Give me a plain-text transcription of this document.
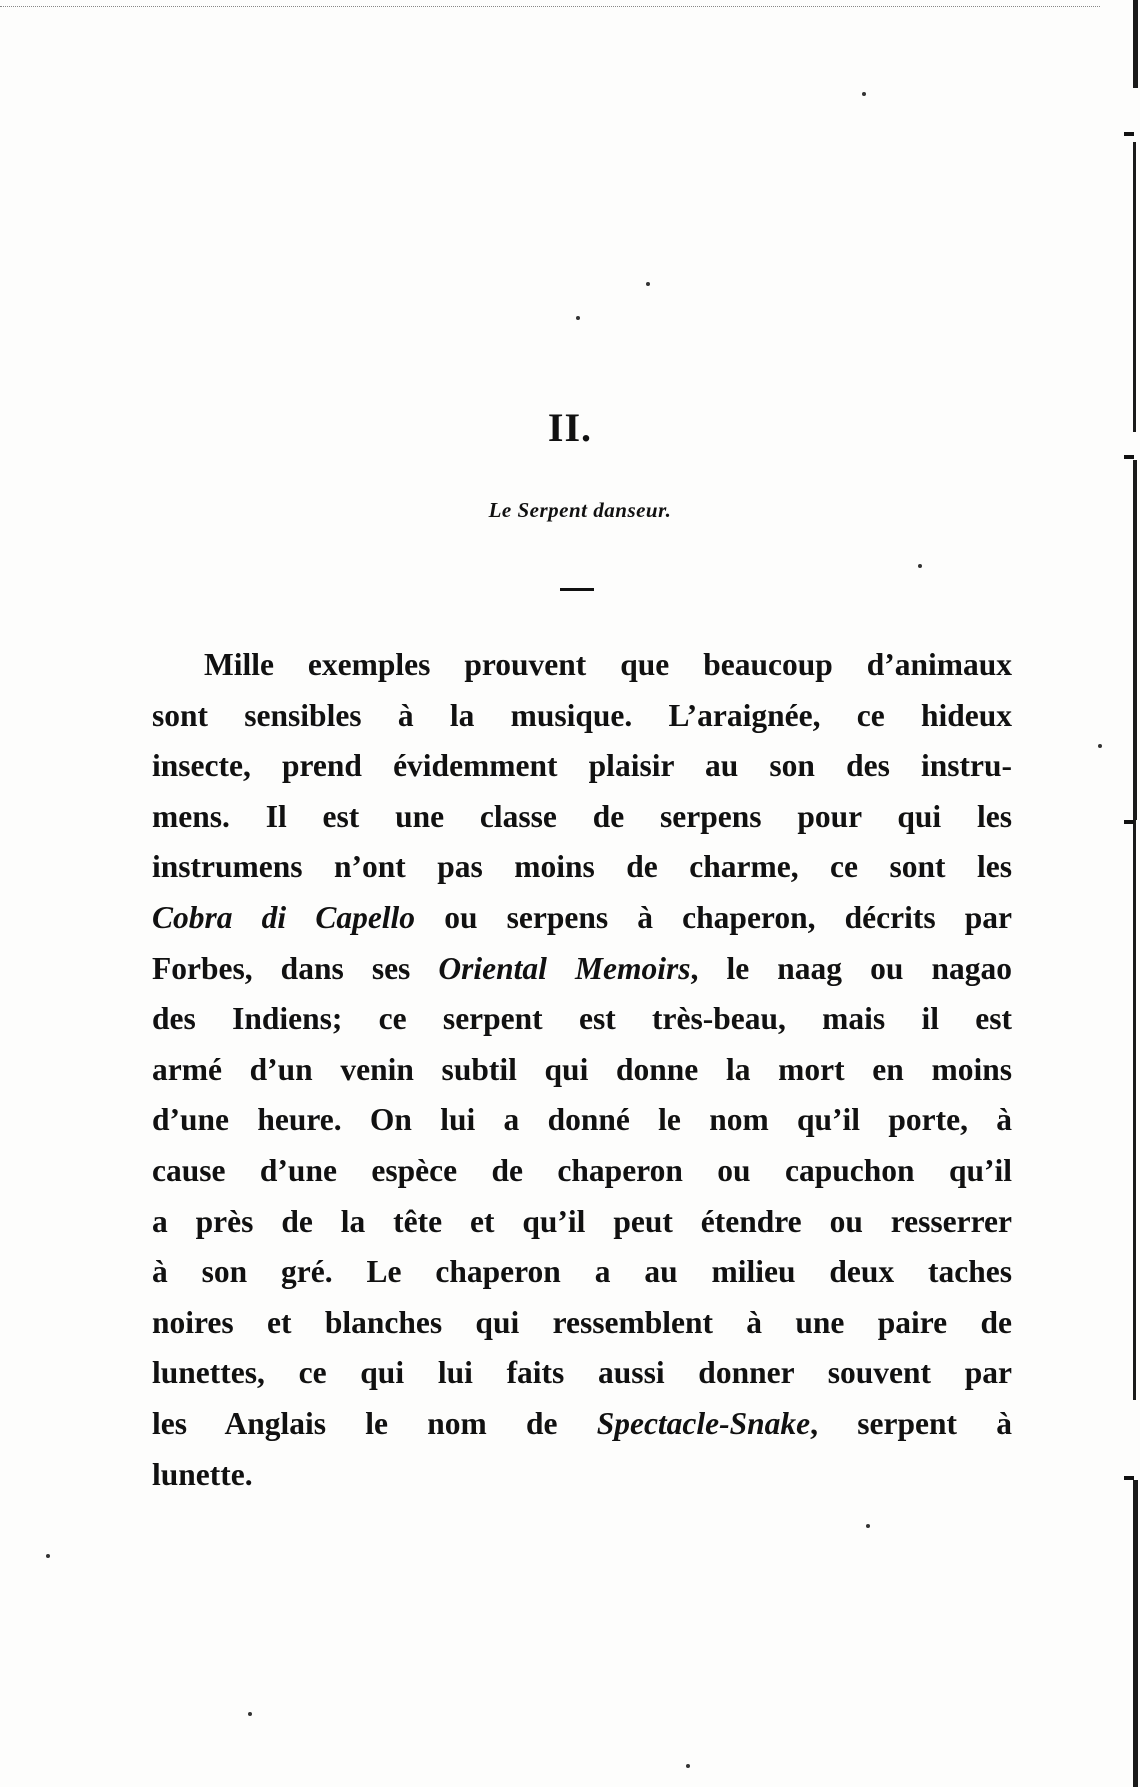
II.
Le Serpent danseur.
Mille exemples prouvent que beaucoup d’animaux
sont sensibles à la musique. L’araignée, ce hideux
insecte, prend évidemment plaisir au son des instru-
mens. Il est une classe de serpens pour qui les
instrumens n’ont pas moins de charme, ce sont les
Cobra di Capello ou serpens à chaperon, décrits par
Forbes, dans ses Oriental Memoirs, le naag ou nagao
des Indiens; ce serpent est très-beau, mais il est
armé d’un venin subtil qui donne la mort en moins
d’une heure. On lui a donné le nom qu’il porte, à
cause d’une espèce de chaperon ou capuchon qu’il
a près de la tête et qu’il peut étendre ou resserrer
à son gré. Le chaperon a au milieu deux taches
noires et blanches qui ressemblent à une paire de
lunettes, ce qui lui faits aussi donner souvent par
les Anglais le nom de Spectacle-Snake, serpent à
lunette.
